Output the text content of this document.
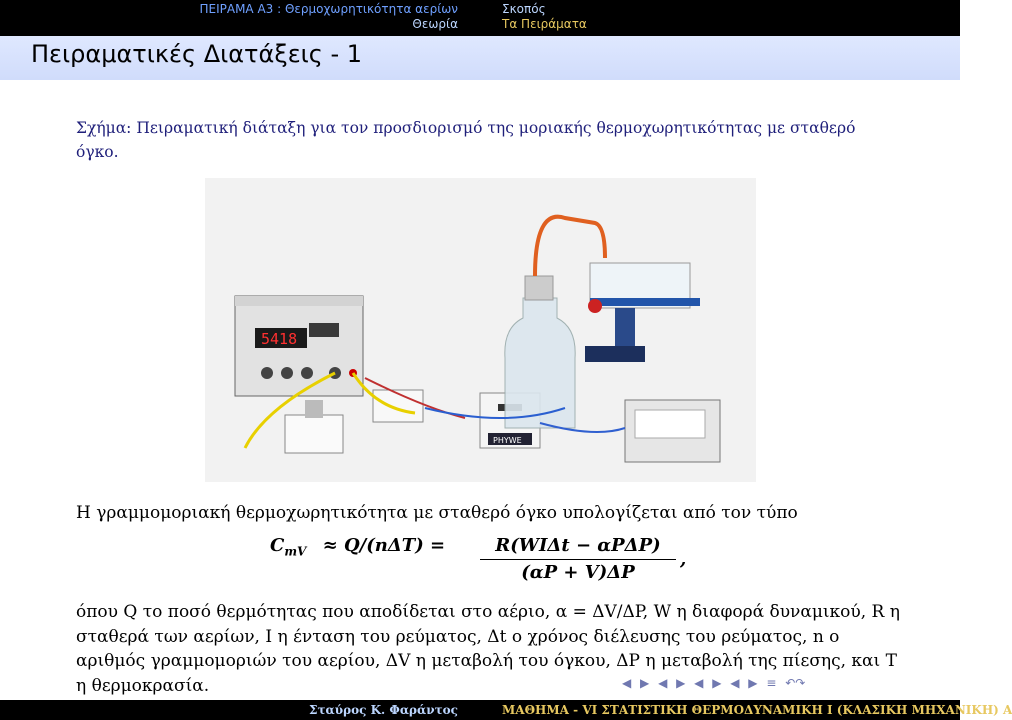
ΠΕΙΡΑΜΑ Α3 : Θερμοχωρητικότητα αερίων
Θεωρία
Σκοπός
Τα Πειράματα
Πειραματικές Διατάξεις - 1
Σχήμα: Πειραματική διάταξη για τον προσδιορισμό της μοριακής θερμοχωρητικότητας με σταθερό όγκο.
5418
PHYWE
Η γραμμομοριακή θερμοχωρητικότητα με σταθερό όγκο υπολογίζεται από τον τύπο
$C_{mV} \approx Q/(n\Delta T)$ =	R(WIΔt − αPΔP)
(αP + V)ΔP
,
όπου Q το ποσό θερμότητας που αποδίδεται στο αέριο, α = ΔV/ΔP, W η διαφορά δυναμικού, R η σταθερά των αερίων, I η ένταση του ρεύματος, Δt ο χρόνος διέλευσης του ρεύματος, n ο αριθμός γραμμομοριών του αερίου, ΔV η μεταβολή του όγκου, ΔP η μεταβολή της πίεσης, και T η θερμοκρασία.	◀ ▶ ◀ ▶ ◀ ▶ ◀ ▶ ≡ ↶↷
Σταύρος Κ. Φαράντος	ΜΑΘΗΜΑ - VI ΣΤΑΤΙΣΤΙΚΗ ΘΕΡΜΟΔΥΝΑΜΙΚΗ Ι (ΚΛΑΣΙΚΗ ΜΗΧΑΝΙΚΗ) Α
